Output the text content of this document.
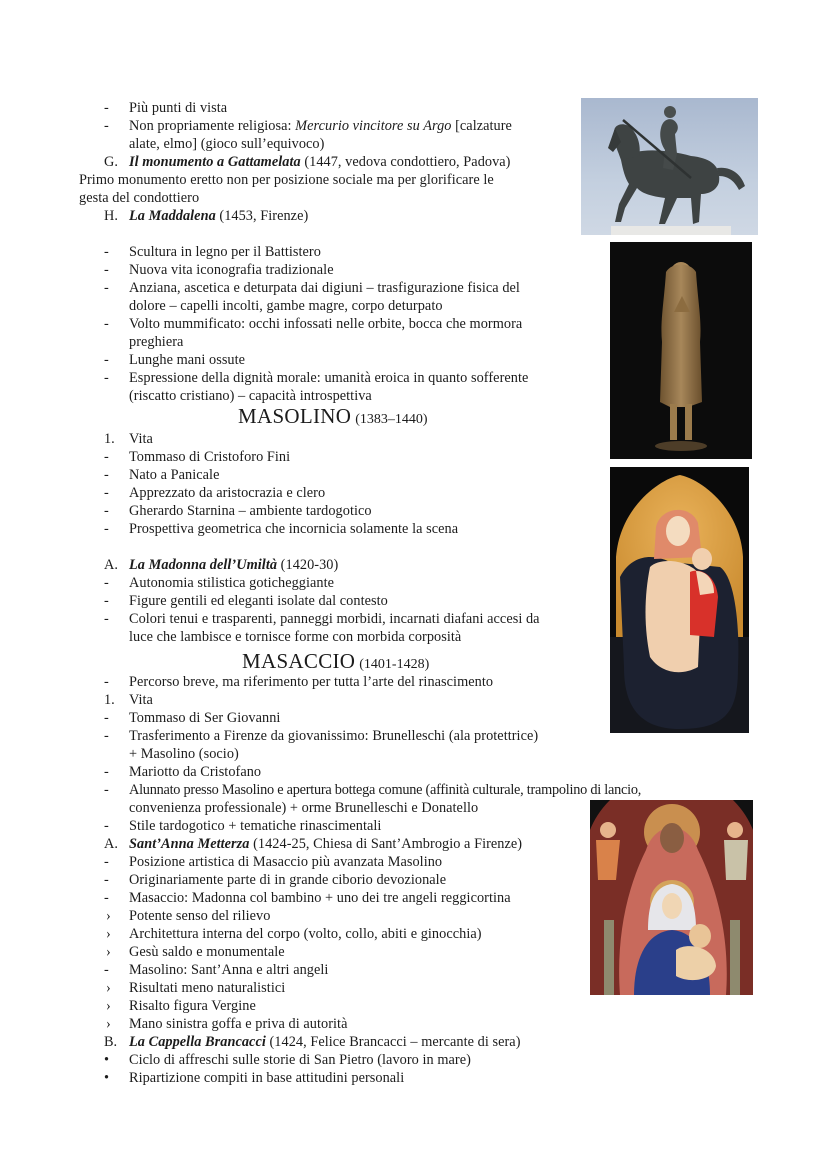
- Più punti di vista
- Non propriamente religiosa: Mercurio vincitore su Argo [calzature
alate, elmo] (gioco sull’equivoco)
G. Il monumento a Gattamelata (1447, vedova condottiero, Padova)
Primo monumento eretto non per posizione sociale ma per glorificare le
gesta del condottiero
H. La Maddalena (1453, Firenze)
- Scultura in legno per il Battistero
- Nuova vita iconografia tradizionale
- Anziana, ascetica e deturpata dai digiuni – trasfigurazione fisica del
dolore – capelli incolti, gambe magre, corpo deturpato
- Volto mummificato: occhi infossati nelle orbite, bocca che mormora
preghiera
- Lunghe mani ossute
- Espressione della dignità morale: umanità eroica in quanto sofferente
(riscatto cristiano) – capacità introspettiva
MASOLINO (1383–1440)
1. Vita
- Tommaso di Cristoforo Fini
- Nato a Panicale
- Apprezzato da aristocrazia e clero
- Gherardo Starnina – ambiente tardogotico
- Prospettiva geometrica che incornicia solamente la scena
A. La Madonna dell’Umiltà (1420-30)
- Autonomia stilistica goticheggiante
- Figure gentili ed eleganti isolate dal contesto
- Colori tenui e trasparenti, panneggi morbidi, incarnati diafani accesi da
luce che lambisce e tornisce forme con morbida corposità
MASACCIO (1401-1428)
- Percorso breve, ma riferimento per tutta l’arte del rinascimento
1. Vita
- Tommaso di Ser Giovanni
- Trasferimento a Firenze da giovanissimo: Brunelleschi (ala protettrice)
+ Masolino (socio)
- Mariotto da Cristofano
- Alunnato presso Masolino e apertura bottega comune (affinità culturale, trampolino di lancio,
convenienza professionale) + orme Brunelleschi e Donatello
- Stile tardogotico + tematiche rinascimentali
A. Sant’Anna Metterza (1424-25, Chiesa di Sant’Ambrogio a Firenze)
- Posizione artistica di Masaccio più avanzata Masolino
- Originariamente parte di in grande ciborio devozionale
- Masaccio: Madonna col bambino + uno dei tre angeli reggicortina
› Potente senso del rilievo
› Architettura interna del corpo (volto, collo, abiti e ginocchia)
› Gesù saldo e monumentale
- Masolino: Sant’Anna e altri angeli
› Risultati meno naturalistici
› Risalto figura Vergine
› Mano sinistra goffa e priva di autorità
B. La Cappella Brancacci (1424, Felice Brancacci – mercante di sera)
• Ciclo di affreschi sulle storie di San Pietro (lavoro in mare)
• Ripartizione compiti in base attitudini personali
